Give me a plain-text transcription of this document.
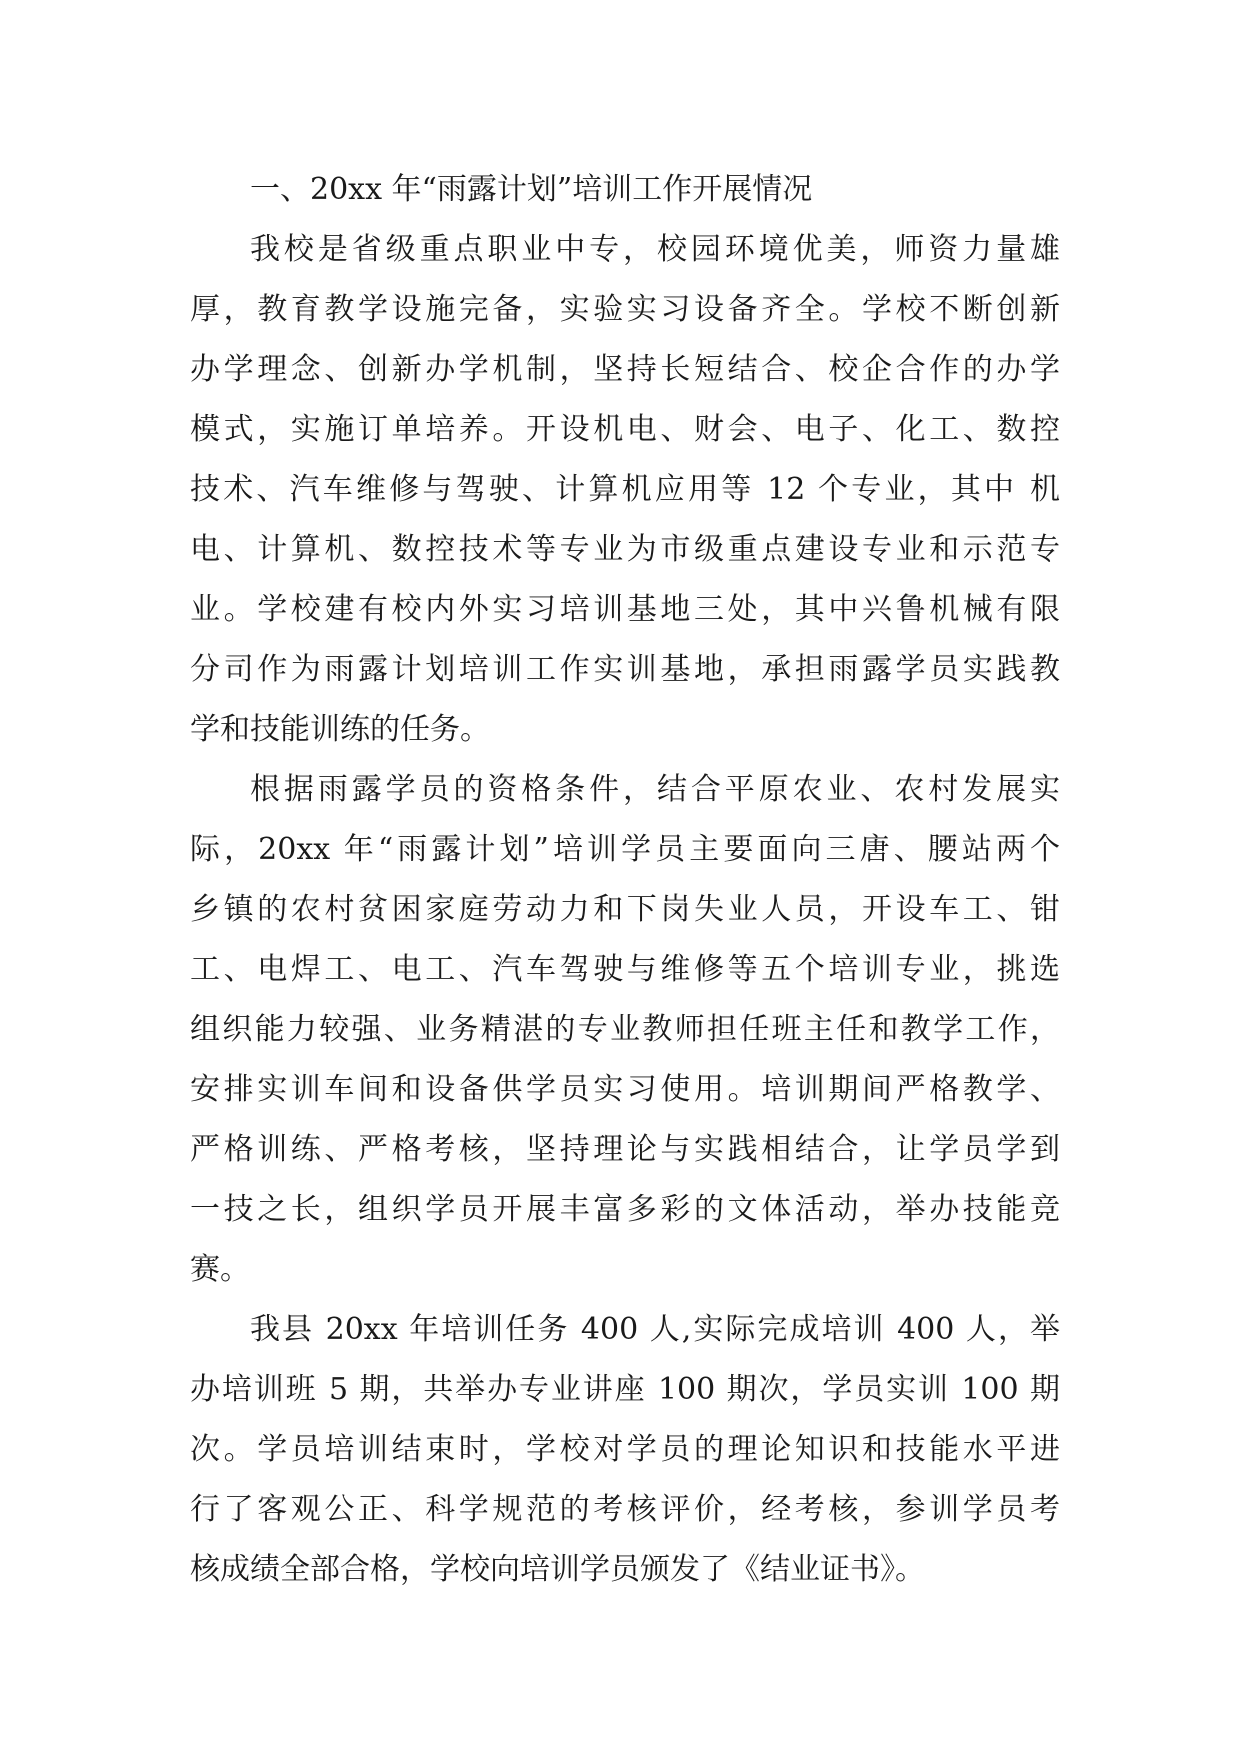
一、20xx 年“雨露计划”培训工作开展情况

我校是省级重点职业中专，校园环境优美，师资力量雄
厚，教育教学设施完备，实验实习设备齐全。学校不断创新
办学理念、创新办学机制，坚持长短结合、校企合作的办学
模式，实施订单培养。开设机电、财会、电子、化工、数控
技术、汽车维修与驾驶、计算机应用等 12 个专业，其中 机
电、计算机、数控技术等专业为市级重点建设专业和示范专
业。学校建有校内外实习培训基地三处，其中兴鲁机械有限
分司作为雨露计划培训工作实训基地，承担雨露学员实践教
学和技能训练的任务。

根据雨露学员的资格条件，结合平原农业、农村发展实
际，20xx 年“雨露计划”培训学员主要面向三唐、腰站两个
乡镇的农村贫困家庭劳动力和下岗失业人员，开设车工、钳
工、电焊工、电工、汽车驾驶与维修等五个培训专业，挑选
组织能力较强、业务精湛的专业教师担任班主任和教学工作，
安排实训车间和设备供学员实习使用。培训期间严格教学、
严格训练、严格考核，坚持理论与实践相结合，让学员学到
一技之长，组织学员开展丰富多彩的文体活动，举办技能竞
赛。

我县 20xx 年培训任务 400 人,实际完成培训 400 人，举
办培训班 5 期，共举办专业讲座 100 期次，学员实训 100 期
次。学员培训结束时，学校对学员的理论知识和技能水平进
行了客观公正、科学规范的考核评价，经考核，参训学员考
核成绩全部合格，学校向培训学员颁发了《结业证书》。
